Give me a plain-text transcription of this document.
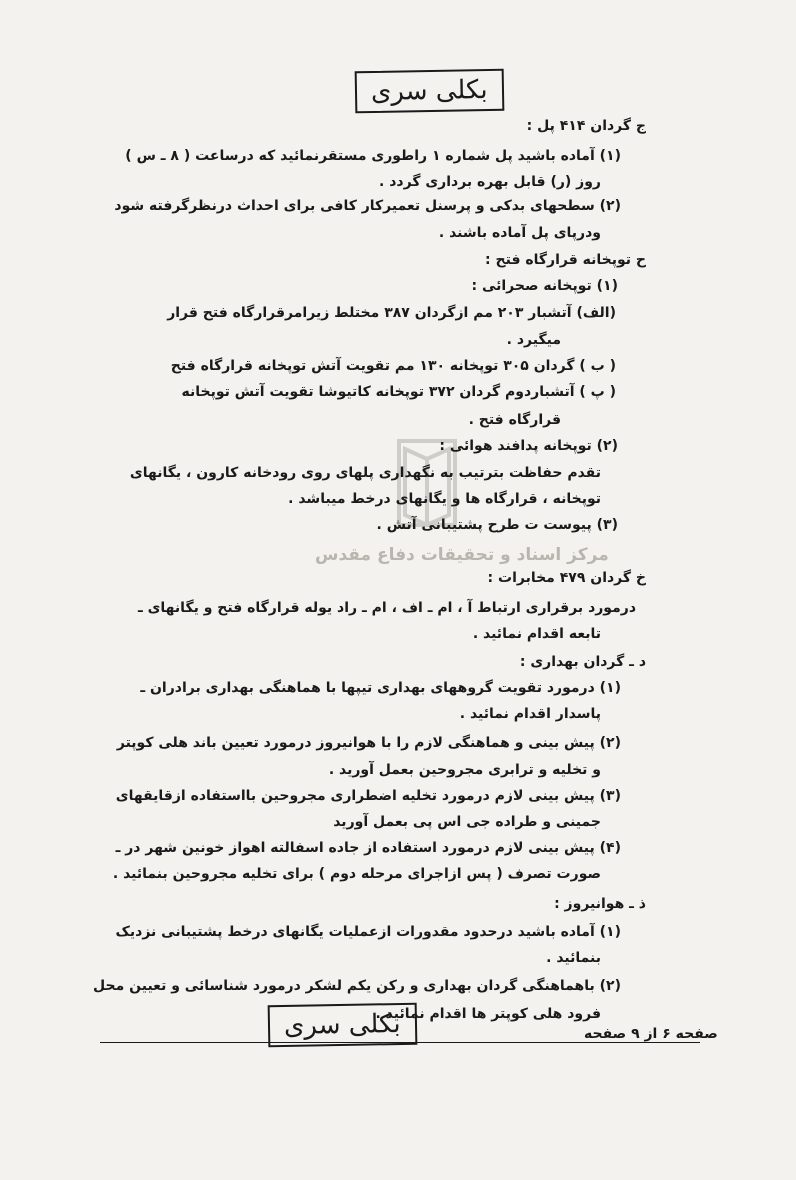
بکلی سری
ج گردان ۴۱۴ پل :
(۱) آماده باشید پل شماره ۱ راطوری مستقرنمائید که درساعت ( ۸ ـ س )
روز (ر) قابل بهره برداری گردد .
(۲) سطحهای بدکی و پرسنل تعمیرکار کافی برای احداث درنظرگرفته شود
ودرپای پل آماده باشند .
ح توپخانه قرارگاه فتح :
(۱) توپخانه صحرائی :
(الف) آتشبار ۲۰۳ مم ازگردان ۳۸۷ مختلط زیرامرقرارگاه فتح قرار
میگیرد .
( ب ) گردان ۳۰۵ توپخانه ۱۳۰ مم تقویت آتش توپخانه قرارگاه فتح
( پ ) آتشباردوم گردان ۳۷۲ توپخانه کاتیوشا تقویت آتش توپخانه
قرارگاه فتح .
(۲) توپخانه پدافند هوائی :
تقدم حفاظت بترتیب به نگهداری پلهای روی رودخانه کارون ، یگانهای
توپخانه ، قرارگاه ها و یگانهای درخط میباشد .
(۳) پیوست ت طرح پشتیبانی آتش .
مرکز اسناد و تحقیقات دفاع مقدس
خ گردان ۴۷۹ مخابرات :
درمورد برقراری ارتباط آ ، ام ـ اف ، ام ـ راد یوله قرارگاه فتح و یگانهای ـ
تابعه اقدام نمائید .
د ـ گردان بهداری :
(۱) درمورد تقویت گروههای بهداری تیپها با هماهنگی بهداری برادران ـ
پاسدار اقدام نمائید .
(۲) پیش بینی و هماهنگی لازم را با هوانیروز درمورد تعیین باند هلی کوپتر
و تخلیه و ترابری مجروحین بعمل آورید .
(۳) پیش بینی لازم درمورد تخلیه اضطراری مجروحین بااستفاده ازقایقهای
جمینی و طراده جی اس پی بعمل آورید
(۴) پیش بینی لازم درمورد استفاده از جاده اسفالته اهواز خونین شهر در ـ
صورت تصرف ( پس ازاجرای مرحله دوم ) برای تخلیه مجروحین بنمائید .
ذ ـ هوانیروز :
(۱) آماده باشید درحدود مقدورات ازعملیات یگانهای درخط پشتیبانی نزدیک
بنمائید .
(۲) باهماهنگی گردان بهداری و رکن یکم لشکر درمورد شناسائی و تعیین محل
فرود هلی کوپتر ها اقدام نمائید .
بکلی سری	صفحه ۶ از ۹ صفحه
